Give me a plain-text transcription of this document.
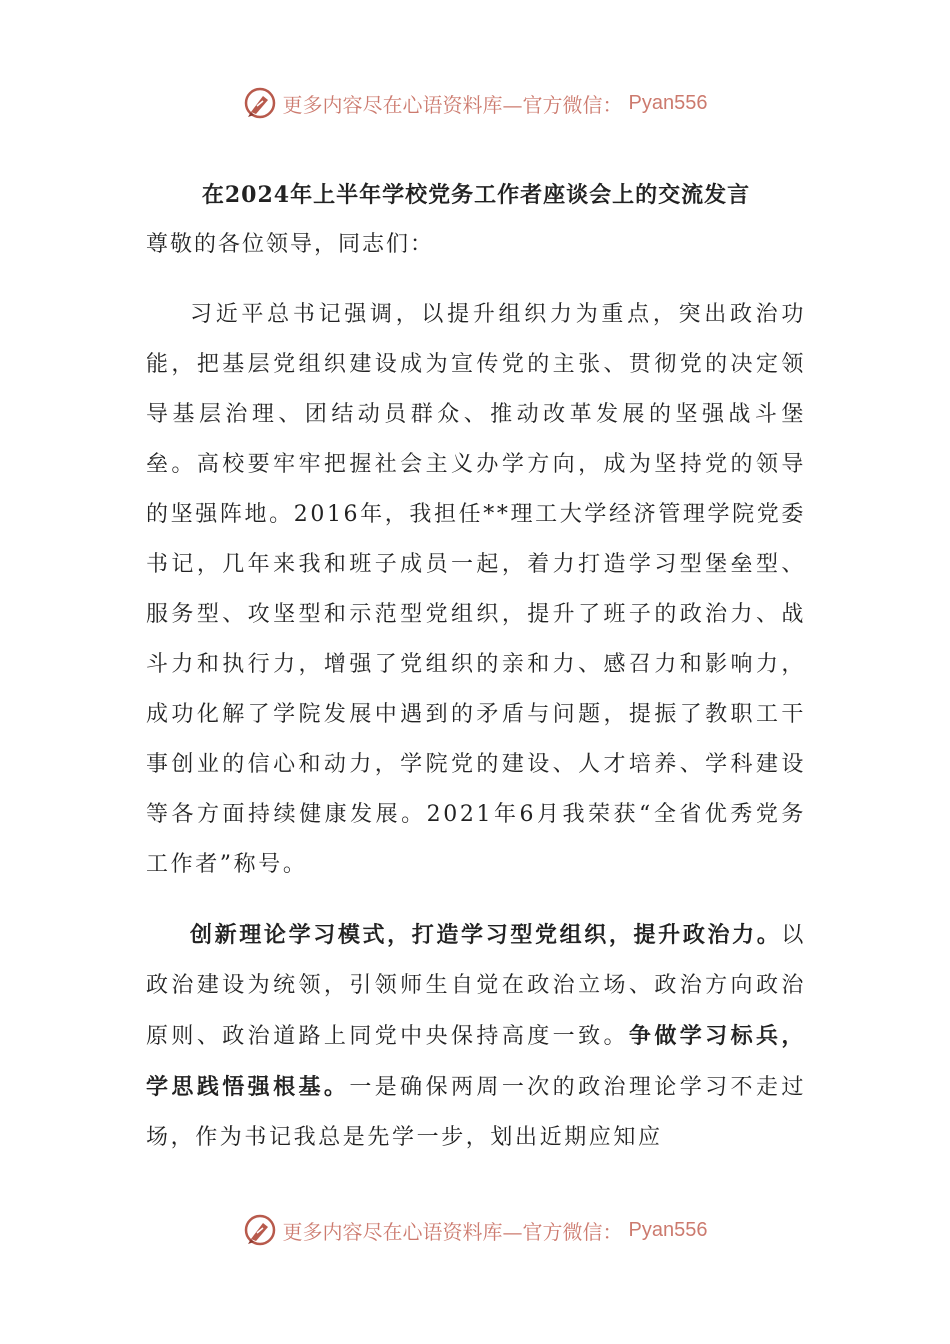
更多内容尽在心语资料库—官方微信： Pyan556
在2024年上半年学校党务工作者座谈会上的交流发言
尊敬的各位领导，同志们：

习近平总书记强调，以提升组织力为重点，突出政治功能，把基层党组织建设成为宣传党的主张、贯彻党的决定领导基层治理、团结动员群众、推动改革发展的坚强战斗堡垒。高校要牢牢把握社会主义办学方向，成为坚持党的领导的坚强阵地。2016年，我担任**理工大学经济管理学院党委书记，几年来我和班子成员一起，着力打造学习型堡垒型、服务型、攻坚型和示范型党组织，提升了班子的政治力、战斗力和执行力，增强了党组织的亲和力、感召力和影响力，成功化解了学院发展中遇到的矛盾与问题，提振了教职工干事创业的信心和动力，学院党的建设、人才培养、学科建设等各方面持续健康发展。2021年6月我荣获“全省优秀党务工作者”称号。

创新理论学习模式，打造学习型党组织，提升政治力。以政治建设为统领，引领师生自觉在政治立场、政治方向政治原则、政治道路上同党中央保持高度一致。争做学习标兵，学思践悟强根基。一是确保两周一次的政治理论学习不走过场，作为书记我总是先学一步，划出近期应知应

更多内容尽在心语资料库—官方微信： Pyan556
